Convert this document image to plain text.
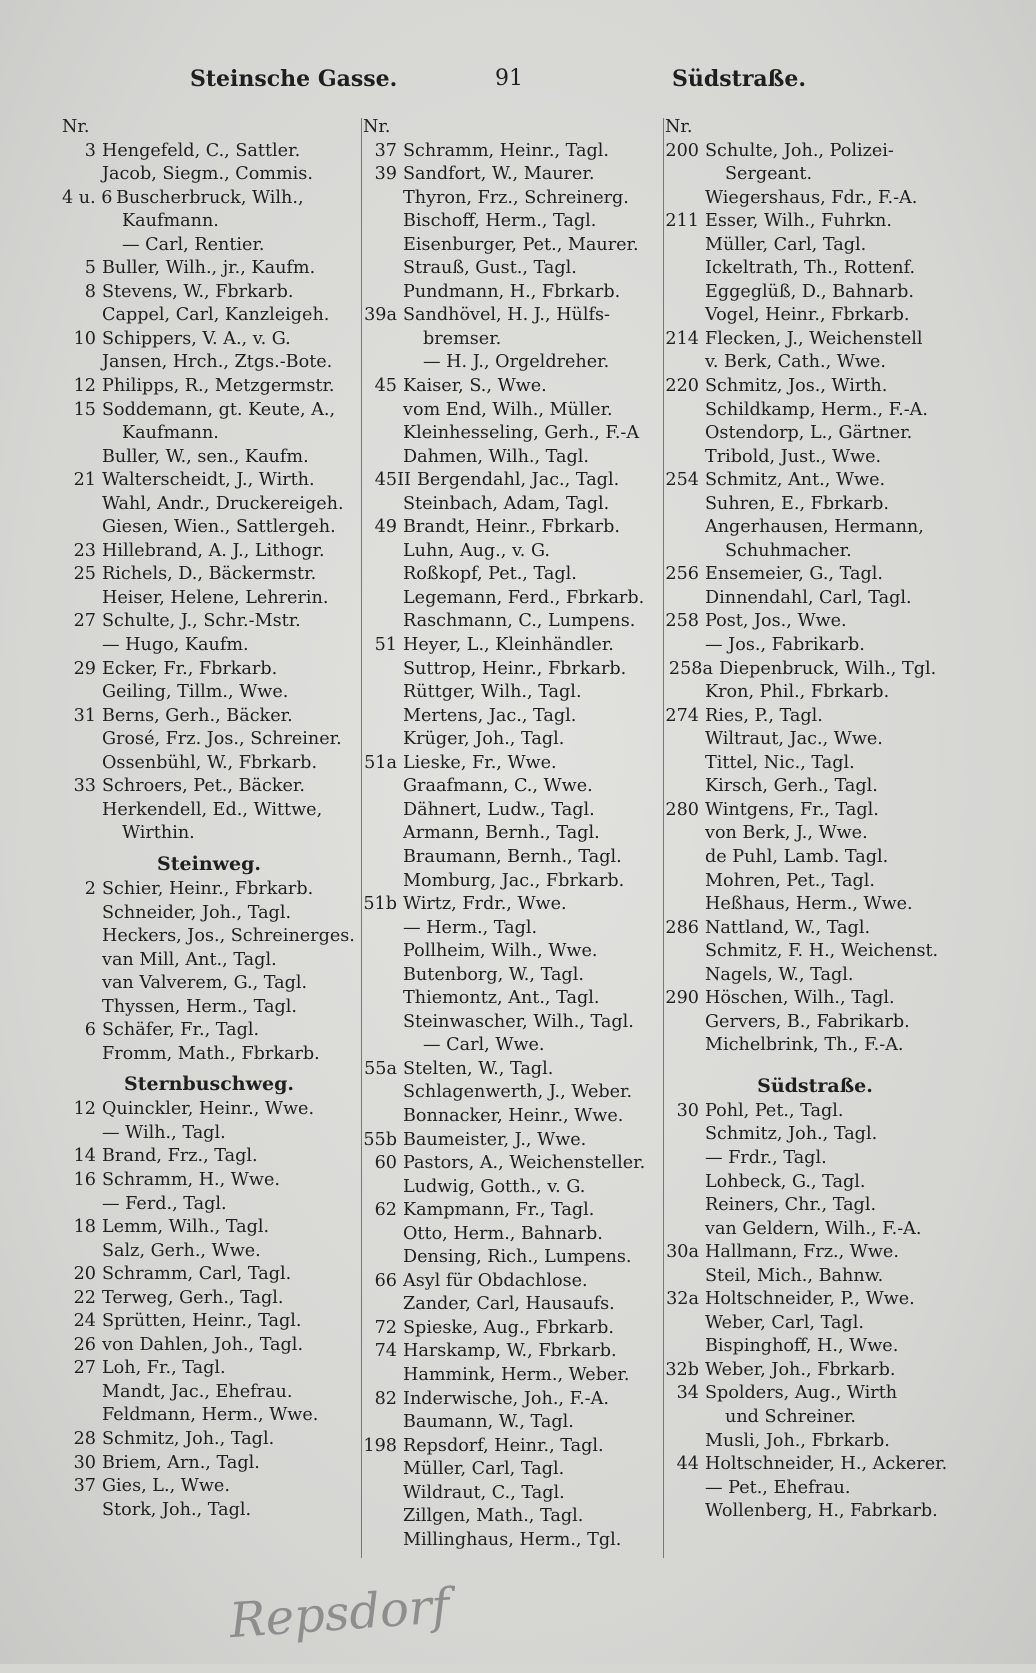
Steinsche Gasse.	91	Südstraße.
Nr.
3 Hengefeld, C., Sattler.
Jacob, Siegm., Commis.
4 u. 6 Buscherbruck, Wilh.,
Kaufmann.
— Carl, Rentier.
5 Buller, Wilh., jr., Kaufm.
8 Stevens, W., Fbrkarb.
Cappel, Carl, Kanzleigeh.
10 Schippers, V. A., v. G.
Jansen, Hrch., Ztgs.-Bote.
12 Philipps, R., Metzgermstr.
15 Soddemann, gt. Keute, A.,
Kaufmann.
Buller, W., sen., Kaufm.
21 Walterscheidt, J., Wirth.
Wahl, Andr., Druckereigeh.
Giesen, Wien., Sattlergeh.
23 Hillebrand, A. J., Lithogr.
25 Richels, D., Bäckermstr.
Heiser, Helene, Lehrerin.
27 Schulte, J., Schr.-Mstr.
— Hugo, Kaufm.
29 Ecker, Fr., Fbrkarb.
Geiling, Tillm., Wwe.
31 Berns, Gerh., Bäcker.
Grosé, Frz. Jos., Schreiner.
Ossenbühl, W., Fbrkarb.
33 Schroers, Pet., Bäcker.
Herkendell, Ed., Wittwe,
Wirthin.
Steinweg.
2 Schier, Heinr., Fbrkarb.
Schneider, Joh., Tagl.
Heckers, Jos., Schreinerges.
van Mill, Ant., Tagl.
van Valverem, G., Tagl.
Thyssen, Herm., Tagl.
6 Schäfer, Fr., Tagl.
Fromm, Math., Fbrkarb.
Sternbuschweg.
12 Quinckler, Heinr., Wwe.
— Wilh., Tagl.
14 Brand, Frz., Tagl.
16 Schramm, H., Wwe.
— Ferd., Tagl.
18 Lemm, Wilh., Tagl.
Salz, Gerh., Wwe.
20 Schramm, Carl, Tagl.
22 Terweg, Gerh., Tagl.
24 Sprütten, Heinr., Tagl.
26 von Dahlen, Joh., Tagl.
27 Loh, Fr., Tagl.
Mandt, Jac., Ehefrau.
Feldmann, Herm., Wwe.
28 Schmitz, Joh., Tagl.
30 Briem, Arn., Tagl.
37 Gies, L., Wwe.
Stork, Joh., Tagl.
Nr.
37 Schramm, Heinr., Tagl.
39 Sandfort, W., Maurer.
Thyron, Frz., Schreinerg.
Bischoff, Herm., Tagl.
Eisenburger, Pet., Maurer.
Strauß, Gust., Tagl.
Pundmann, H., Fbrkarb.
39a Sandhövel, H. J., Hülfs-
bremser.
— H. J., Orgeldreher.
45 Kaiser, S., Wwe.
vom End, Wilh., Müller.
Kleinhesseling, Gerh., F.-A
Dahmen, Wilh., Tagl.
45II Bergendahl, Jac., Tagl.
Steinbach, Adam, Tagl.
49 Brandt, Heinr., Fbrkarb.
Luhn, Aug., v. G.
Roßkopf, Pet., Tagl.
Legemann, Ferd., Fbrkarb.
Raschmann, C., Lumpens.
51 Heyer, L., Kleinhändler.
Suttrop, Heinr., Fbrkarb.
Rüttger, Wilh., Tagl.
Mertens, Jac., Tagl.
Krüger, Joh., Tagl.
51a Lieske, Fr., Wwe.
Graafmann, C., Wwe.
Dähnert, Ludw., Tagl.
Armann, Bernh., Tagl.
Braumann, Bernh., Tagl.
Momburg, Jac., Fbrkarb.
51b Wirtz, Frdr., Wwe.
— Herm., Tagl.
Pollheim, Wilh., Wwe.
Butenborg, W., Tagl.
Thiemontz, Ant., Tagl.
Steinwascher, Wilh., Tagl.
— Carl, Wwe.
55a Stelten, W., Tagl.
Schlagenwerth, J., Weber.
Bonnacker, Heinr., Wwe.
55b Baumeister, J., Wwe.
60 Pastors, A., Weichensteller.
Ludwig, Gotth., v. G.
62 Kampmann, Fr., Tagl.
Otto, Herm., Bahnarb.
Densing, Rich., Lumpens.
66 Asyl für Obdachlose.
Zander, Carl, Hausaufs.
72 Spieske, Aug., Fbrkarb.
74 Harskamp, W., Fbrkarb.
Hammink, Herm., Weber.
82 Inderwische, Joh., F.-A.
Baumann, W., Tagl.
198 Repsdorf, Heinr., Tagl.
Müller, Carl, Tagl.
Wildraut, C., Tagl.
Zillgen, Math., Tagl.
Millinghaus, Herm., Tgl.
Nr.
200 Schulte, Joh., Polizei-
Sergeant.
Wiegershaus, Fdr., F.-A.
211 Esser, Wilh., Fuhrkn.
Müller, Carl, Tagl.
Ickeltrath, Th., Rottenf.
Eggeglüß, D., Bahnarb.
Vogel, Heinr., Fbrkarb.
214 Flecken, J., Weichenstell
v. Berk, Cath., Wwe.
220 Schmitz, Jos., Wirth.
Schildkamp, Herm., F.-A.
Ostendorp, L., Gärtner.
Tribold, Just., Wwe.
254 Schmitz, Ant., Wwe.
Suhren, E., Fbrkarb.
Angerhausen, Hermann,
Schuhmacher.
256 Ensemeier, G., Tagl.
Dinnendahl, Carl, Tagl.
258 Post, Jos., Wwe.
— Jos., Fabrikarb.
258a Diepenbruck, Wilh., Tgl.
Kron, Phil., Fbrkarb.
274 Ries, P., Tagl.
Wiltraut, Jac., Wwe.
Tittel, Nic., Tagl.
Kirsch, Gerh., Tagl.
280 Wintgens, Fr., Tagl.
von Berk, J., Wwe.
de Puhl, Lamb. Tagl.
Mohren, Pet., Tagl.
Heßhaus, Herm., Wwe.
286 Nattland, W., Tagl.
Schmitz, F. H., Weichenst.
Nagels, W., Tagl.
290 Höschen, Wilh., Tagl.
Gervers, B., Fabrikarb.
Michelbrink, Th., F.-A.
Südstraße.
30 Pohl, Pet., Tagl.
Schmitz, Joh., Tagl.
— Frdr., Tagl.
Lohbeck, G., Tagl.
Reiners, Chr., Tagl.
van Geldern, Wilh., F.-A.
30a Hallmann, Frz., Wwe.
Steil, Mich., Bahnw.
32a Holtschneider, P., Wwe.
Weber, Carl, Tagl.
Bispinghoff, H., Wwe.
32b Weber, Joh., Fbrkarb.
34 Spolders, Aug., Wirth
und Schreiner.
Musli, Joh., Fbrkarb.
44 Holtschneider, H., Ackerer.
— Pet., Ehefrau.
Wollenberg, H., Fabrkarb.
Repsdorf
